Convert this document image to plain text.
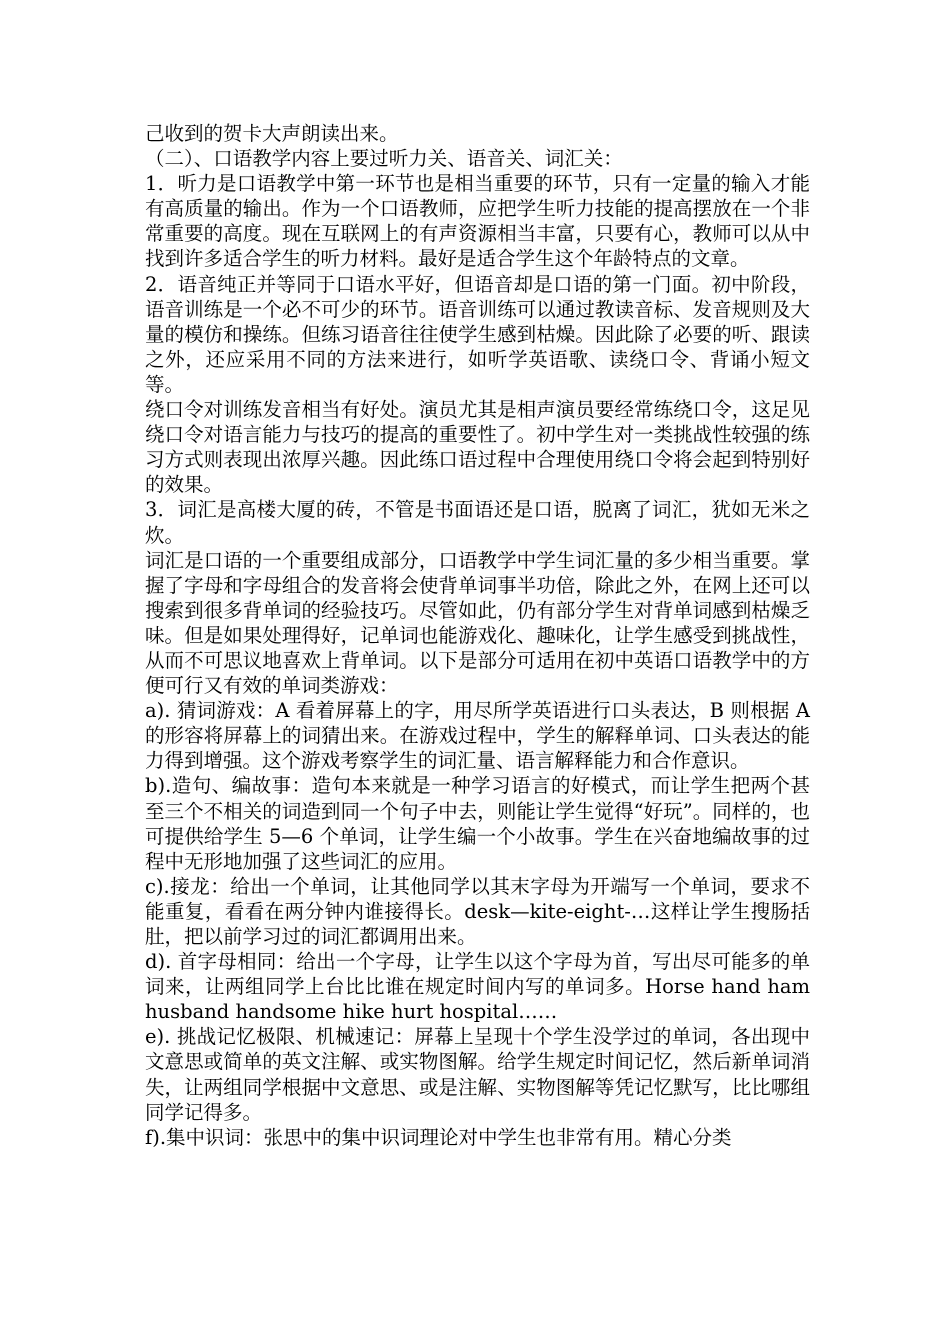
己收到的贺卡大声朗读出来。

（二）、口语教学内容上要过听力关、语音关、词汇关：

1．听力是口语教学中第一环节也是相当重要的环节，只有一定量的输入才能有高质量的输出。作为一个口语教师，应把学生听力技能的提高摆放在一个非常重要的高度。现在互联网上的有声资源相当丰富，只要有心，教师可以从中找到许多适合学生的听力材料。最好是适合学生这个年龄特点的文章。

2．语音纯正并等同于口语水平好，但语音却是口语的第一门面。初中阶段，语音训练是一个必不可少的环节。语音训练可以通过教读音标、发音规则及大量的模仿和操练。但练习语音往往使学生感到枯燥。因此除了必要的听、跟读之外，还应采用不同的方法来进行，如听学英语歌、读绕口令、背诵小短文等。

绕口令对训练发音相当有好处。演员尤其是相声演员要经常练绕口令，这足见绕口令对语言能力与技巧的提高的重要性了。初中学生对一类挑战性较强的练习方式则表现出浓厚兴趣。因此练口语过程中合理使用绕口令将会起到特别好的效果。

3．词汇是高楼大厦的砖，不管是书面语还是口语，脱离了词汇，犹如无米之炊。

词汇是口语的一个重要组成部分，口语教学中学生词汇量的多少相当重要。掌握了字母和字母组合的发音将会使背单词事半功倍，除此之外，在网上还可以搜索到很多背单词的经验技巧。尽管如此，仍有部分学生对背单词感到枯燥乏味。但是如果处理得好，记单词也能游戏化、趣味化，让学生感受到挑战性，从而不可思议地喜欢上背单词。以下是部分可适用在初中英语口语教学中的方便可行又有效的单词类游戏：

a). 猜词游戏：A 看着屏幕上的字，用尽所学英语进行口头表达，B 则根据 A 的形容将屏幕上的词猜出来。在游戏过程中，学生的解释单词、口头表达的能力得到增强。这个游戏考察学生的词汇量、语言解释能力和合作意识。

b).造句、编故事：造句本来就是一种学习语言的好模式，而让学生把两个甚至三个不相关的词造到同一个句子中去，则能让学生觉得“好玩”。同样的，也可提供给学生 5—6 个单词，让学生编一个小故事。学生在兴奋地编故事的过程中无形地加强了这些词汇的应用。

c).接龙：给出一个单词，让其他同学以其末字母为开端写一个单词，要求不能重复，看看在两分钟内谁接得长。desk—kite-eight-…这样让学生搜肠括肚，把以前学习过的词汇都调用出来。

d). 首字母相同：给出一个字母，让学生以这个字母为首，写出尽可能多的单词来，让两组同学上台比比谁在规定时间内写的单词多。Horse hand ham husband handsome hike hurt hospital……

e). 挑战记忆极限、机械速记：屏幕上呈现十个学生没学过的单词，各出现中文意思或简单的英文注解、或实物图解。给学生规定时间记忆，然后新单词消失，让两组同学根据中文意思、或是注解、实物图解等凭记忆默写，比比哪组同学记得多。

f).集中识词：张思中的集中识词理论对中学生也非常有用。精心分类
